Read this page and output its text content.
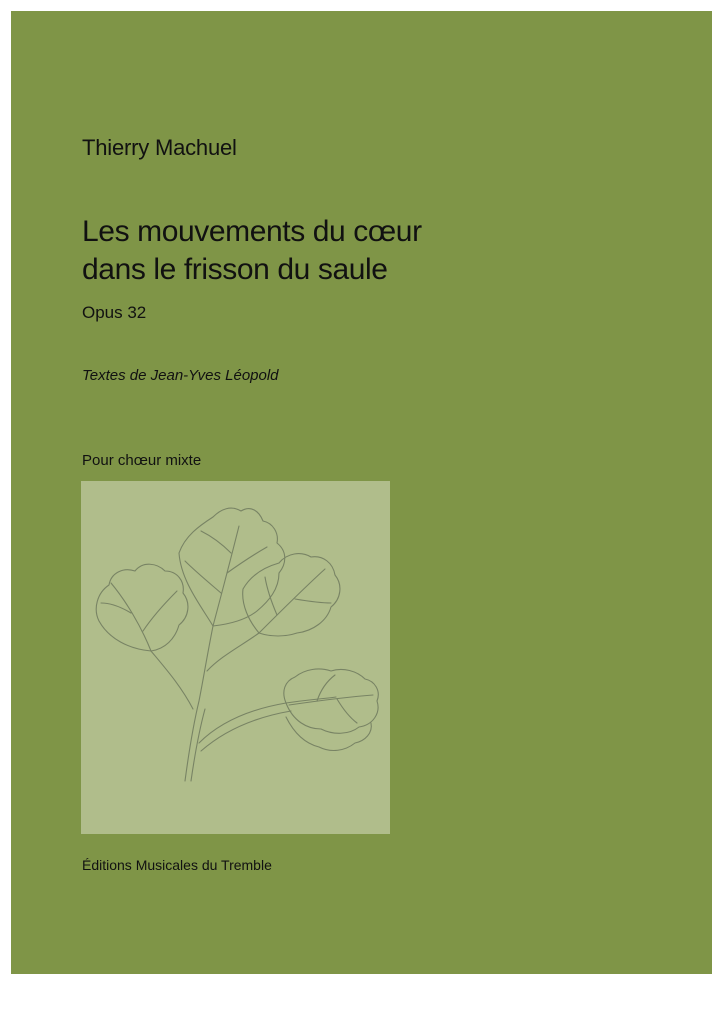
Thierry Machuel
Les mouvements du cœur
dans le frisson du saule
Opus 32
Textes de Jean-Yves Léopold
Pour chœur mixte
Éditions Musicales du Tremble
